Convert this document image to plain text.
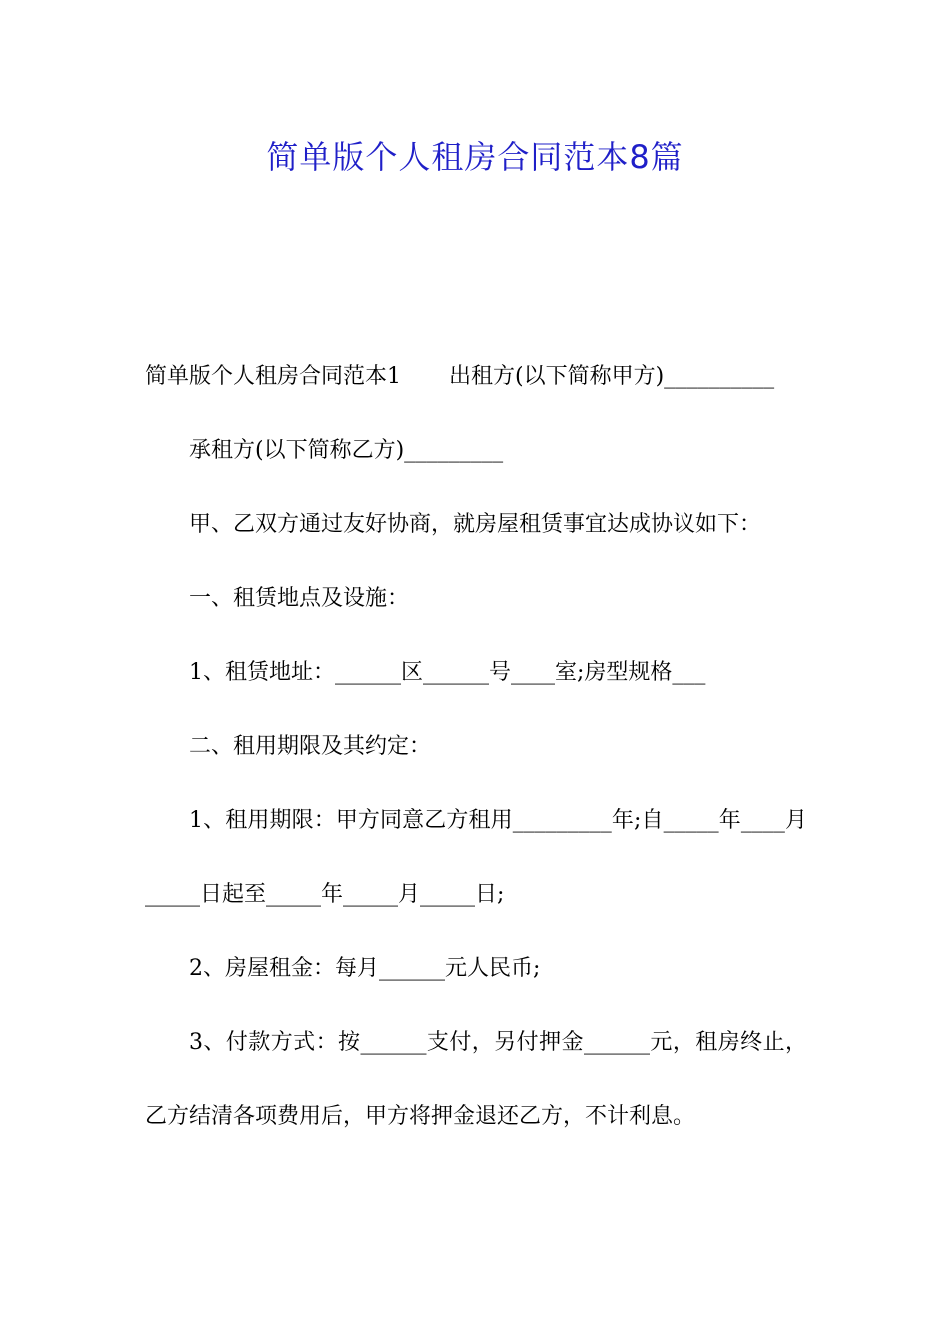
简单版个人租房合同范本8篇

简单版个人租房合同范本1 出租方(以下简称甲方)__________

承租方(以下简称乙方)_________

甲、乙双方通过友好协商，就房屋租赁事宜达成协议如下：

一、租赁地点及设施：

1、租赁地址：______区______号____室;房型规格___

二、租用期限及其约定：

1、租用期限：甲方同意乙方租用_________年;自_____年____月_____日起至_____年_____月_____日;

2、房屋租金：每月______元人民币;

3、付款方式：按______支付，另付押金______元，租房终止，乙方结清各项费用后，甲方将押金退还乙方，不计利息。
